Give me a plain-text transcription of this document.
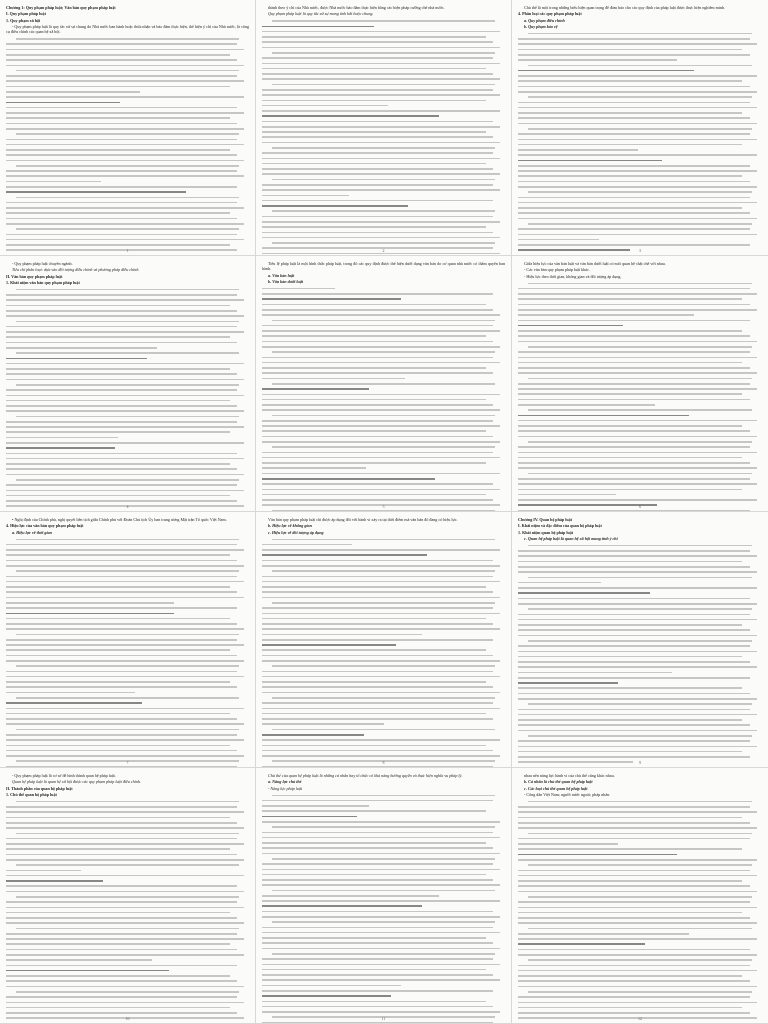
Chương 1: Quy phạm pháp luật; Văn bản quy phạm pháp luật

I. Quy phạm pháp luật

1. Quy phạm xã hội

- Quy phạm pháp luật là quy tắc xử sự chung do Nhà nước ban hành hoặc thừa nhận và bảo đảm thực hiện, thể hiện ý chí của Nhà nước, là công cụ điều chỉnh các quan hệ xã hội.

1

thành theo ý chí của Nhà nước, được Nhà nước bảo đảm thực hiện bằng các biện pháp cưỡng chế nhà nước.

Quy phạm pháp luật là quy tắc xử sự mang tính bắt buộc chung.

2

Chủ thể là một trong những biểu hiện quan trọng để đảm bảo cho các quy định của pháp luật được thực hiện nghiêm minh.

4. Phân loại các quy phạm pháp luật

a. Quy phạm điều chỉnh

b. Quy phạm bảo vệ

3

- Quy phạm pháp luật chuyên ngành.

Tiêu chí phân loại: dựa vào đối tượng điều chỉnh và phương pháp điều chỉnh.

II. Văn bản quy phạm pháp luật

1. Khái niệm văn bản quy phạm pháp luật

4

Tiêu lệ pháp luật là một hình thức pháp luật, trong đó các quy định được thể hiện dưới dạng văn bản do cơ quan nhà nước có thẩm quyền ban hành.

a. Văn bản luật

b. Văn bản dưới luật

5

Giữa hiệu lực của văn bản luật và văn bản dưới luật có mối quan hệ chặt chẽ với nhau.

- Các văn bản quy phạm pháp luật khác.

- Hiệu lực theo thời gian, không gian và đối tượng áp dụng.

6

• Nghị định của Chính phủ, nghị quyết liên tịch giữa Chính phủ với Đoàn Chủ tịch Ủy ban trung ương Mặt trận Tổ quốc Việt Nam.

4. Hiệu lực của văn bản quy phạm pháp luật

a. Hiệu lực về thời gian

7

Văn bản quy phạm pháp luật chỉ được áp dụng đối với hành vi xảy ra tại thời điểm mà văn bản đó đang có hiệu lực.

b. Hiệu lực về không gian

c. Hiệu lực về đối tượng áp dụng

8

Chương IV. Quan hệ pháp luật

I. Khái niệm và đặc điểm của quan hệ pháp luật

1. Khái niệm quan hệ pháp luật

c. Quan hệ pháp luật là quan hệ xã hội mang tính ý chí

9

- Quy phạm pháp luật là cơ sở để hình thành quan hệ pháp luật.

Quan hệ pháp luật là quan hệ xã hội được các quy phạm pháp luật điều chỉnh.

II. Thành phần của quan hệ pháp luật

1. Chủ thể quan hệ pháp luật

10

Chủ thể của quan hệ pháp luật là những cá nhân hay tổ chức có khả năng hưởng quyền và thực hiện nghĩa vụ pháp lý.

a. Năng lực chủ thể

- Năng lực pháp luật

11

nhau nên năng lực hành vi của chủ thể cũng khác nhau.

b. Cá nhân là chủ thể quan hệ pháp luật

c. Các loại chủ thể quan hệ pháp luật

- Công dân Việt Nam; người nước ngoài; pháp nhân.

12
